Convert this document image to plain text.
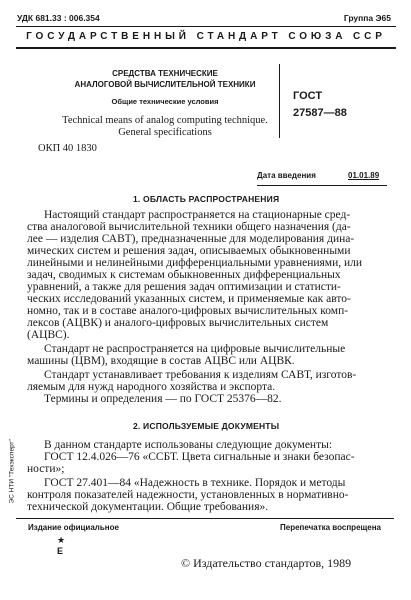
УДК 681.33 : 006.354	Группа Э65
ГОСУДАРСТВЕННЫЙ СТАНДАРТ СОЮЗА ССР
СРЕДСТВА ТЕХНИЧЕСКИЕ
АНАЛОГОВОЙ ВЫЧИСЛИТЕЛЬНОЙ ТЕХНИКИ
Общие технические условия
Technical means of analog computing technique.
General specifications
ОКП 40 1830
ГОСТ
27587—88
Дата введения	01.01.89
1. ОБЛАСТЬ РАСПРОСТРАНЕНИЯ
Настоящий стандарт распространяется на стационарные сред-
ства аналоговой вычислительной техники общего назначения (да-
лее — изделия САВТ), предназначенные для моделирования дина-
мических систем и решения задач, описываемых обыкновенными
линейными и нелинейными дифференциальными уравнениями, или
задач, сводимых к системам обыкновенных дифференциальных
уравнений, а также для решения задач оптимизации и статисти-
ческих исследований указанных систем, и применяемые как авто-
номно, так и в составе аналого-цифровых вычислительных комп-
лексов (АЦВК) и аналого-цифровых вычислительных систем
(АЦВС).
Стандарт не распространяется на цифровые вычислительные
машины (ЦВМ), входящие в состав АЦВС или АЦВК.
Стандарт устанавливает требования к изделиям САВТ, изготов-
ляемым для нужд народного хозяйства и экспорта.
Термины и определения — по ГОСТ 25376—82.
2. ИСПОЛЬЗУЕМЫЕ ДОКУМЕНТЫ
В данном стандарте использованы следующие документы:
ГОСТ 12.4.026—76 «ССБТ. Цвета сигнальные и знаки безопас-
ности»;
ГОСТ 27.401—84 «Надежность в технике. Порядок и методы
контроля показателей надежности, установленных в нормативно-
технической документации. Общие требования».
Издание официальное	Перепечатка воспрещена
★
Е
© Издательство стандартов, 1989
ЭС НТИ "Техэксперт"
